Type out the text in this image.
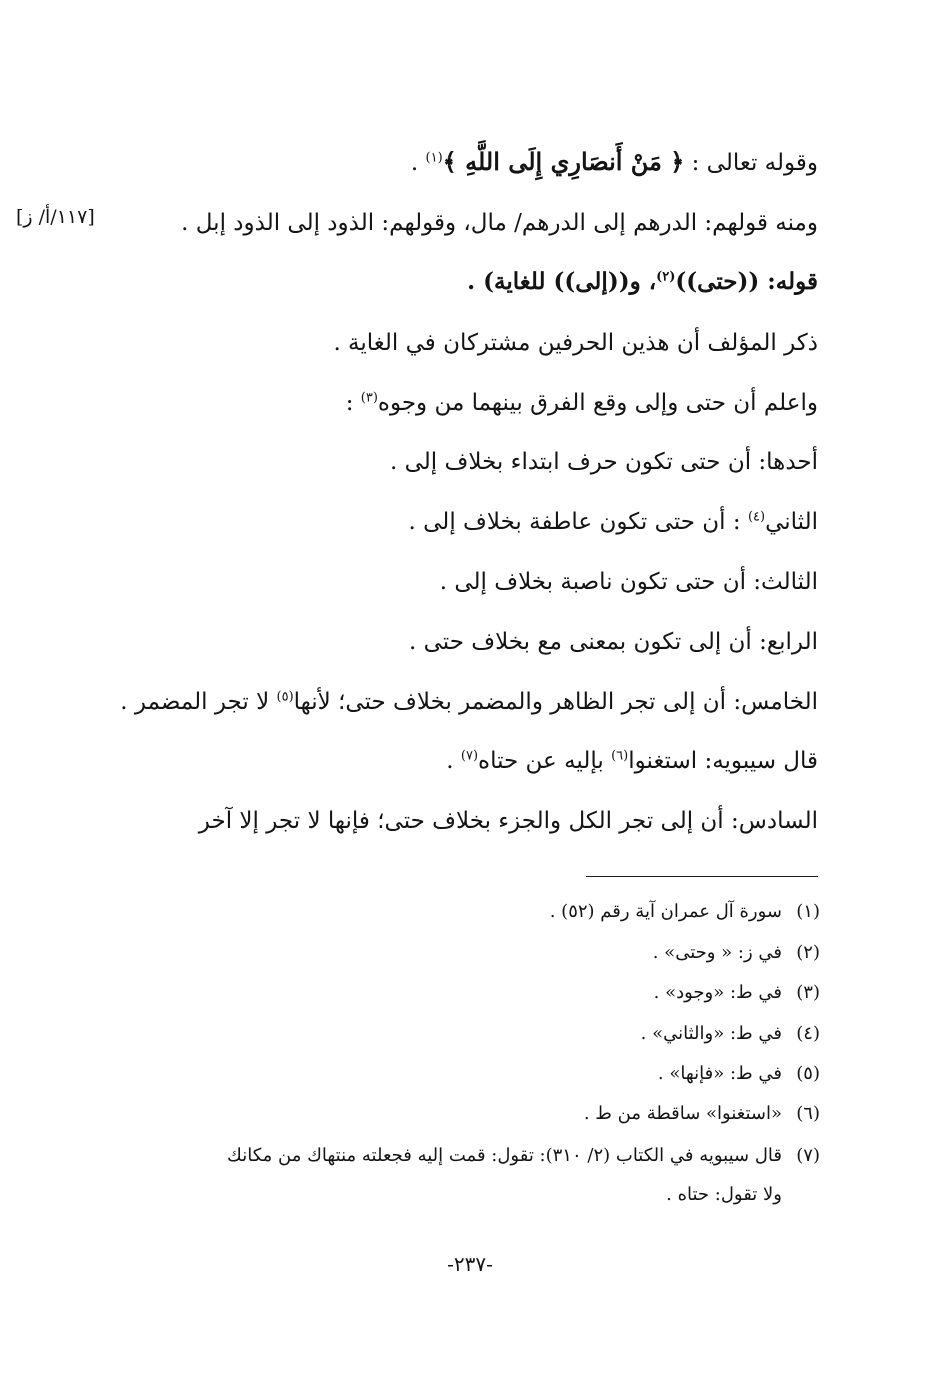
وقوله تعالى : ﴿ مَنْ أَنصَارِي إِلَى اللَّهِ ﴾$^{(١)}$ .
ومنه قولهم: الدرهم إلى الدرهم/ مال، وقولهم: الذود إلى الذود إبل .
[١١٧/أ/ ز]
قوله: ((حتى))$^{(٢)}$، و((إلى)) للغاية) .
ذكر المؤلف أن هذين الحرفين مشتركان في الغاية .
واعلم أن حتى وإلى وقع الفرق بينهما من وجوه$^{(٣)}$ :
أحدها: أن حتى تكون حرف ابتداء بخلاف إلى .
الثاني$^{(٤)}$ : أن حتى تكون عاطفة بخلاف إلى .
الثالث: أن حتى تكون ناصبة بخلاف إلى .
الرابع: أن إلى تكون بمعنى مع بخلاف حتى .
الخامس: أن إلى تجر الظاهر والمضمر بخلاف حتى؛ لأنها$^{(٥)}$ لا تجر المضمر .
قال سيبويه: استغنوا$^{(٦)}$ بإليه عن حتاه$^{(٧)}$ .
السادس: أن إلى تجر الكل والجزء بخلاف حتى؛ فإنها لا تجر إلا آخر
(١)سورة آل عمران آية رقم (٥٢) .
(٢)في ز: « وحتى» .
(٣)في ط: «وجود» .
(٤)في ط: «والثاني» .
(٥)في ط: «فإنها» .
(٦)«استغنوا» ساقطة من ط .
(٧)قال سيبويه في الكتاب (٢/ ٣١٠): تقول: قمت إليه فجعلته منتهاك من مكانك
ولا تقول: حتاه .
-٢٣٧-
